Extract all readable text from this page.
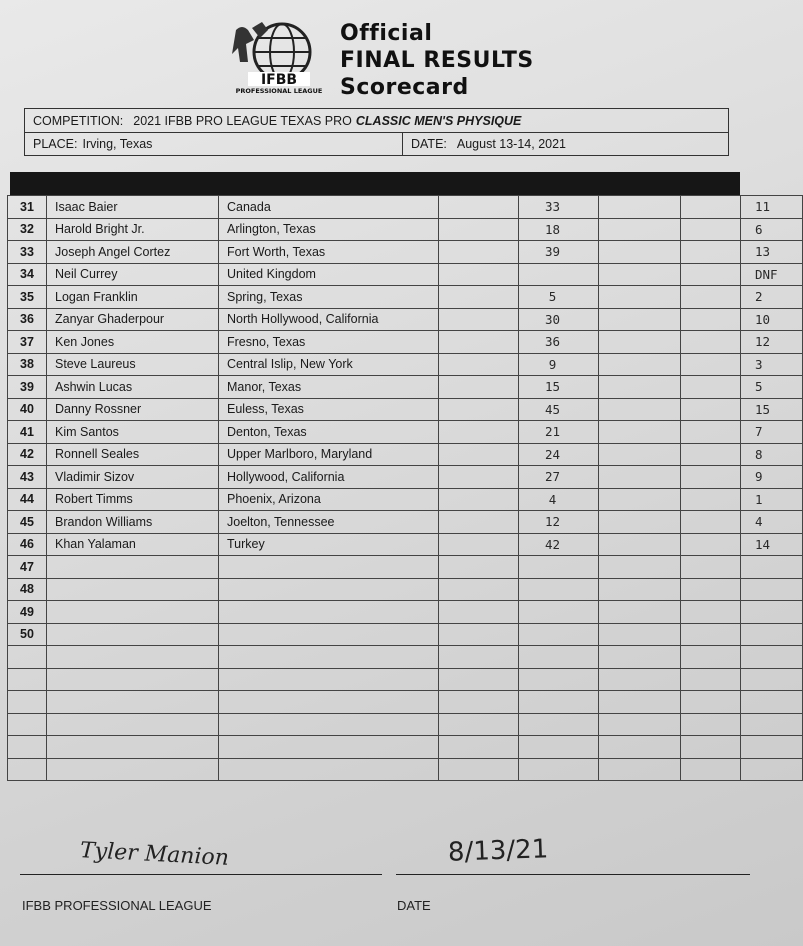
IFBB
PROFESSIONAL LEAGUE
Official
FINAL RESULTS
Scorecard
COMPETITION: 2021 IFBB PRO LEAGUE TEXAS PRO CLASSIC MEN'S PHYSIQUE
PLACE: Irving, Texas	DATE: August 13-14, 2021
31	Isaac Baier	Canada		33			11
32	Harold Bright Jr.	Arlington, Texas		18			6
33	Joseph Angel Cortez	Fort Worth, Texas		39			13
34	Neil Currey	United Kingdom					DNF
35	Logan Franklin	Spring, Texas		5			2
36	Zanyar Ghaderpour	North Hollywood, California		30			10
37	Ken Jones	Fresno, Texas		36			12
38	Steve Laureus	Central Islip, New York		9			3
39	Ashwin Lucas	Manor, Texas		15			5
40	Danny Rossner	Euless, Texas		45			15
41	Kim Santos	Denton, Texas		21			7
42	Ronnell Seales	Upper Marlboro, Maryland		24			8
43	Vladimir Sizov	Hollywood, California		27			9
44	Robert Timms	Phoenix, Arizona		4			1
45	Brandon Williams	Joelton, Tennessee		12			4
46	Khan Yalaman	Turkey		42			14
47							
48							
49							
50							

Tyler Manion	8/13/21
IFBB PROFESSIONAL LEAGUE	DATE
